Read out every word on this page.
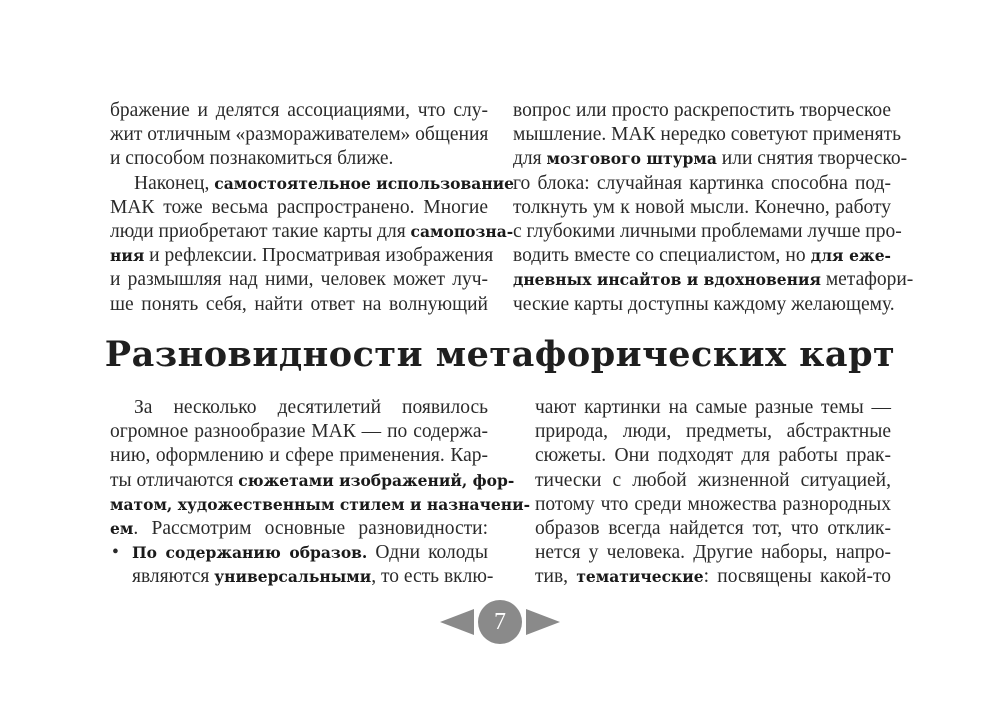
бражение и делятся ассоциациями, что слу-
жит отличным «размораживателем» общения
и способом познакомиться ближе.
Наконец, самостоятельное использование
МАК тоже весьма распространено. Многие
люди приобретают такие карты для самопозна-
ния и рефлексии. Просматривая изображения
и размышляя над ними, человек может луч-
ше понять себя, найти ответ на волнующий
вопрос или просто раскрепостить творческое
мышление. МАК нередко советуют применять
для мозгового штурма или снятия творческо-
го блока: случайная картинка способна под-
толкнуть ум к новой мысли. Конечно, работу
с глубокими личными проблемами лучше про-
водить вместе со специалистом, но для еже-
дневных инсайтов и вдохновения метафори-
ческие карты доступны каждому желающему.
Разновидности метафорических карт
За несколько десятилетий появилось
огромное разнообразие МАК — по содержа-
нию, оформлению и сфере применения. Кар-
ты отличаются сюжетами изображений, фор-
матом, художественным стилем и назначени-
ем. Рассмотрим основные разновидности:
• По содержанию образов. Одни колоды
являются универсальными, то есть вклю-
чают картинки на самые разные темы —
природа, люди, предметы, абстрактные
сюжеты. Они подходят для работы прак-
тически с любой жизненной ситуацией,
потому что среди множества разнородных
образов всегда найдется тот, что отклик-
нется у человека. Другие наборы, напро-
тив, тематические: посвящены какой-то
7
